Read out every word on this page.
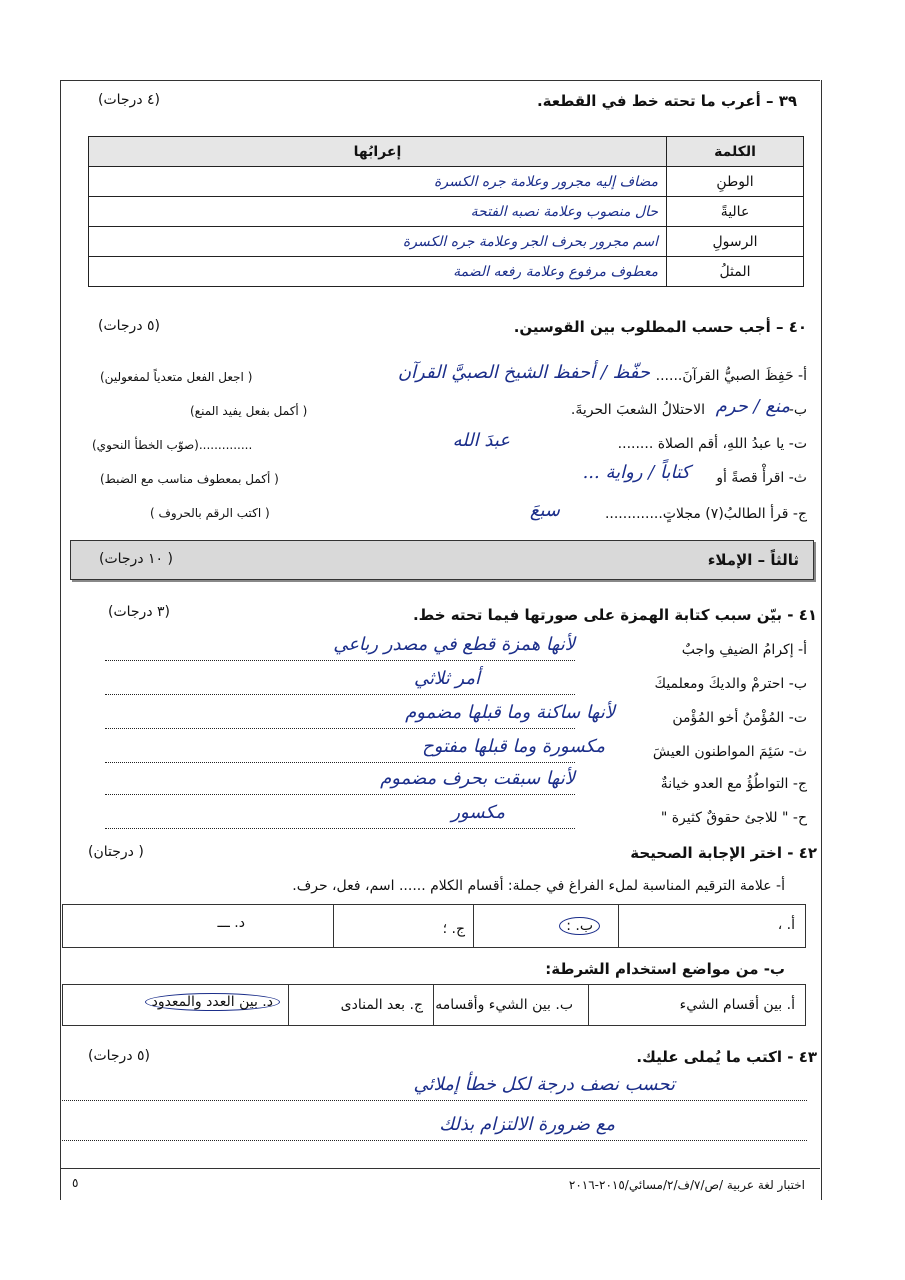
٣٩ – أعرب ما تحته خط في القطعة.
(٤ درجات)
الكلمة	إعرابُها
الوطنِ	مضاف إليه مجرور وعلامة جره الكسرة
عاليةً	حال منصوب وعلامة نصبه الفتحة
الرسولِ	اسم مجرور بحرف الجر وعلامة جره الكسرة
المثلُ	معطوف مرفوع وعلامة رفعه الضمة
٤٠ – أجب حسب المطلوب بين القوسين.
(٥ درجات)
أ- حَفِظَ الصبيُّ القرآنَ......
حفّظ / أحفظ الشيخ الصبيَّ القرآن
( اجعل الفعل متعدياً لمفعولين)
ب-
منع / حرم
الاحتلالُ الشعبَ الحريةَ.
( أكمل بفعل يفيد المنع)
ت- يا عبدُ اللهِ، أقم الصلاة ........
عبدَ الله
..............(صوّب الخطأ النحوي)
ث- اقرأْ قصةً أو
كتاباً / رواية ...
( أكمل بمعطوف مناسب مع الضبط)
ج- قرأ الطالبُ(٧) مجلاتٍ.............
سبعَ
( اكتب الرقم بالحروف )
ثالثاً – الإملاء
( ١٠ درجات)
٤١ - بيّن سبب كتابة الهمزة على صورتها فيما تحته خط.
(٣ درجات)
أ- إكرامُ الضيفِ واجبٌ
لأنها همزة قطع في مصدر رباعي
ب- احترمْ والديكَ ومعلميكَ
أمر ثلاثي
ت- المُؤْمنُ أخو المُؤْمن
لأنها ساكنة وما قبلها مضموم
ث- سَئِمَ المواطنون العيشَ
مكسورة وما قبلها مفتوح
ج- التواطُؤُ مع العدو خيانةٌ
لأنها سبقت بحرف مضموم
ح- " للاجئ حقوقٌ كثيرة "
مكسور
٤٢ - اختر الإجابة الصحيحة
( درجتان)
أ- علامة الترقيم المناسبة لملء الفراغ في جملة: أقسام الكلام ...... اسم، فعل، حرف.
أ. ،
ب. :
ج. ؛
د. ـــ
ب- من مواضع استخدام الشرطة:
أ. بين أقسام الشيء
ب. بين الشيء وأقسامه
ج. بعد المنادى
د. بين العدد والمعدود
٤٣ - اكتب ما يُملى عليك.
(٥ درجات)
تحسب نصف درجة لكل خطأ إملائي
مع ضرورة الالتزام بذلك
اختبار لغة عربية /ص/٧/ف/٢/مسائي/٢٠١٥-٢٠١٦
٥
